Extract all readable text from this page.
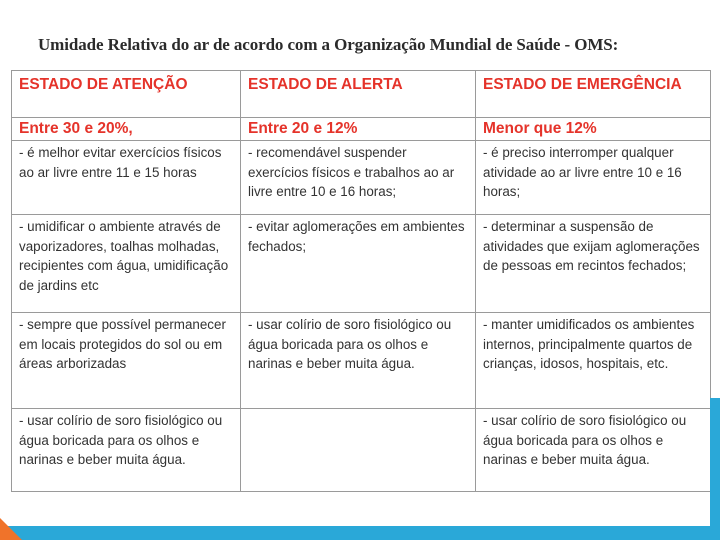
Umidade Relativa do ar de acordo com a Organização Mundial de Saúde - OMS:
ESTADO DE ATENÇÃO	ESTADO DE ALERTA	ESTADO DE EMERGÊNCIA
Entre 30 e 20%,	Entre 20 e 12%	Menor que 12%
- é melhor evitar exercícios físicos ao ar livre entre 11 e 15 horas	- recomendável suspender exercícios físicos e trabalhos ao ar livre entre 10 e 16 horas;	- é preciso interromper qualquer atividade ao ar livre entre 10 e 16 horas;
- umidificar o ambiente através de vaporizadores, toalhas molhadas, recipientes com água, umidificação de jardins etc	- evitar aglomerações em ambientes fechados;	- determinar a suspensão de atividades que exijam aglomerações de pessoas em recintos fechados;
- sempre que possível permanecer em locais protegidos do sol ou em áreas arborizadas	- usar colírio de soro fisiológico ou água boricada para os olhos e narinas e beber muita água.	- manter umidificados os ambientes internos, principalmente quartos de crianças, idosos, hospitais, etc.
- usar colírio de soro fisiológico ou água boricada para os olhos e narinas e beber muita água.		- usar colírio de soro fisiológico ou água boricada para os olhos e narinas e beber muita água.
